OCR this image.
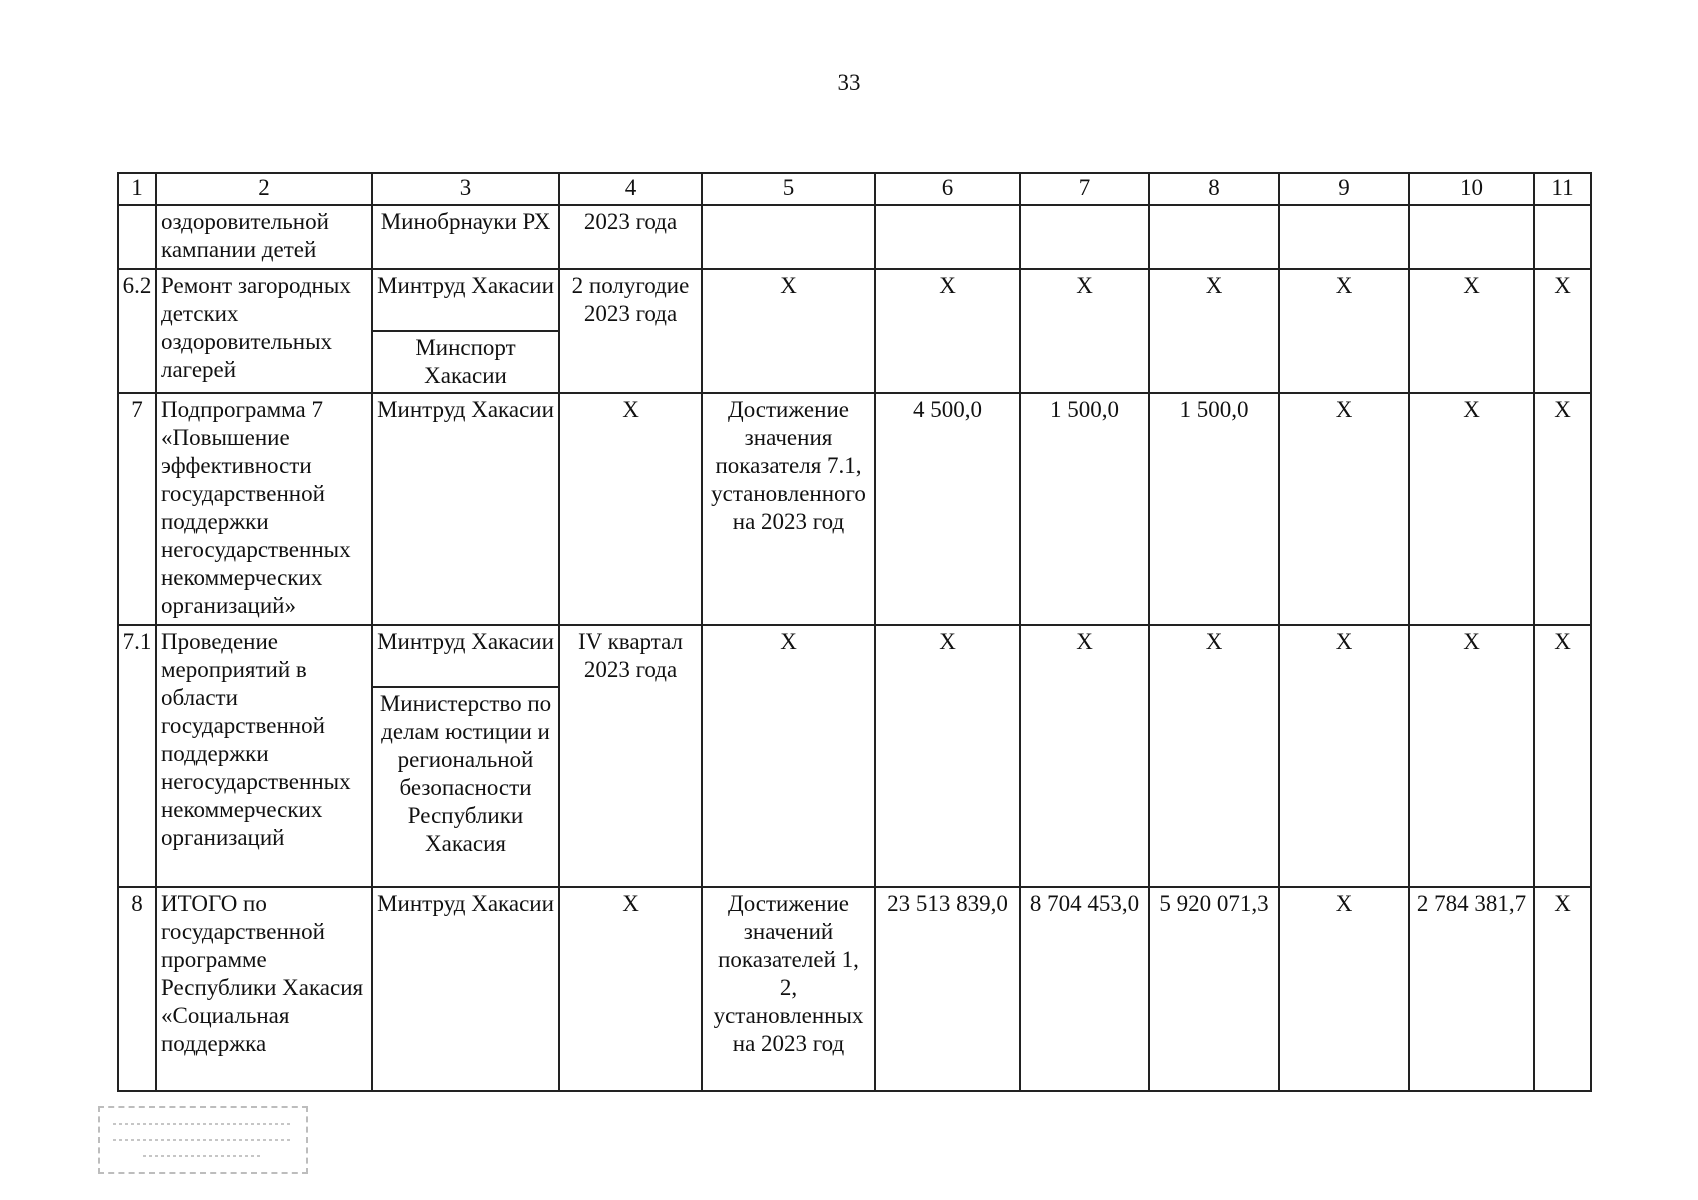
33
1	2	3	4	5	6	7	8	9	10	11
	оздоровительной кампании детей	Минобрнауки РХ	2023 года							
6.2	Ремонт загородных детских оздоровительных лагерей	Минтруд Хакасии	2 полугодие 2023 года	Х	Х	Х	Х	Х	Х	Х
		Минспорт Хакасии								
7	Подпрограмма 7 «Повышение эффективности государственной поддержки негосударственных некоммерческих организаций»	Минтруд Хакасии	Х	Достижение значения показателя 7.1, установленного на 2023 год	4 500,0	1 500,0	1 500,0	Х	Х	Х
7.1	Проведение мероприятий в области государственной поддержки негосударственных некоммерческих организаций	Минтруд Хакасии	IV квартал 2023 года	Х	Х	Х	Х	Х	Х	Х
		Министерство по делам юстиции и региональной безопасности Республики Хакасия								
8	ИТОГО по государственной программе Республики Хакасия «Социальная поддержка	Минтруд Хакасии	Х	Достижение значений показателей 1, 2, установленных на 2023 год	23 513 839,0	8 704 453,0	5 920 071,3	Х	2 784 381,7	Х
